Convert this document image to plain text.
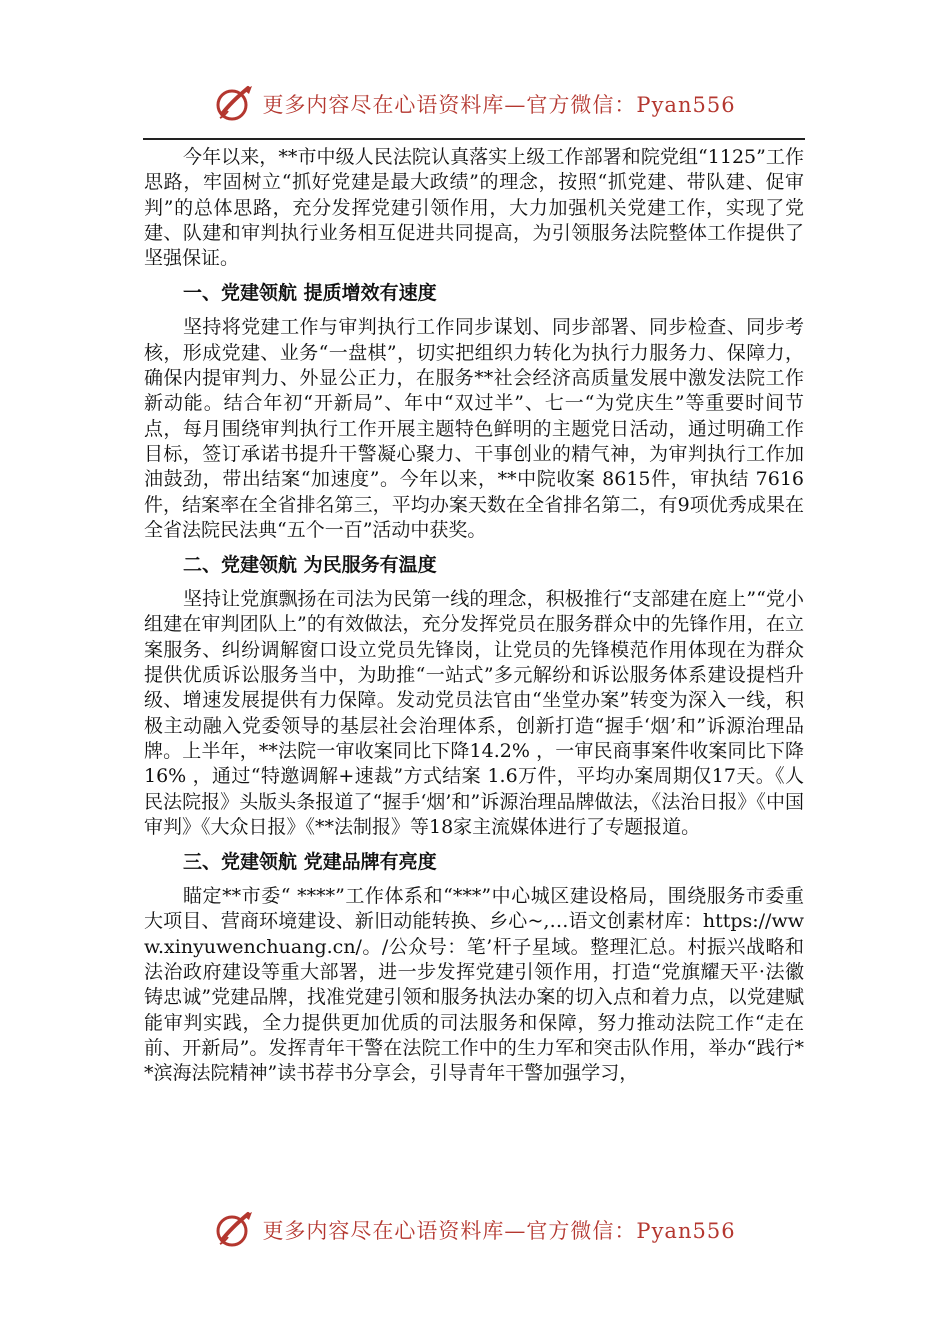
更多内容尽在心语资料库—官方微信：Pyan556

今年以来，**市中级人民法院认真落实上级工作部署和院党组“1125”工作思路，牢固树立“抓好党建是最大政绩”的理念，按照“抓党建、带队建、促审判”的总体思路，充分发挥党建引领作用，大力加强机关党建工作，实现了党建、队建和审判执行业务相互促进共同提高，为引领服务法院整体工作提供了坚强保证。

一、党建领航 提质增效有速度

坚持将党建工作与审判执行工作同步谋划、同步部署、同步检查、同步考核，形成党建、业务“一盘棋”，切实把组织力转化为执行力服务力、保障力，确保内提审判力、外显公正力，在服务**社会经济高质量发展中激发法院工作新动能。结合年初“开新局”、年中“双过半”、七一“为党庆生”等重要时间节点，每月围绕审判执行工作开展主题特色鲜明的主题党日活动，通过明确工作目标，签订承诺书提升干警凝心聚力、干事创业的精气神，为审判执行工作加油鼓劲，带出结案“加速度”。今年以来，**中院收案 8615件，审执结 7616件，结案率在全省排名第三，平均办案天数在全省排名第二，有9项优秀成果在全省法院民法典“五个一百”活动中获奖。

二、党建领航 为民服务有温度

坚持让党旗飘扬在司法为民第一线的理念，积极推行“支部建在庭上”“党小组建在审判团队上”的有效做法，充分发挥党员在服务群众中的先锋作用，在立案服务、纠纷调解窗口设立党员先锋岗，让党员的先锋模范作用体现在为群众提供优质诉讼服务当中，为助推“一站式”多元解纷和诉讼服务体系建设提档升级、增速发展提供有力保障。发动党员法官由“坐堂办案”转变为深入一线，积极主动融入党委领导的基层社会治理体系，创新打造“握手‘烟’和”诉源治理品牌。上半年，**法院一审收案同比下降14.2% ，一审民商事案件收案同比下降16% ，通过“特邀调解+速裁”方式结案 1.6万件，平均办案周期仅17天。《人民法院报》头版头条报道了“握手‘烟’和”诉源治理品牌做法，《法治日报》《中国审判》《大众日报》《**法制报》等18家主流媒体进行了专题报道。

三、党建领航 党建品牌有亮度

瞄定**市委“ ****”工作体系和“***”中心城区建设格局，围绕服务市委重大项目、营商环境建设、新旧动能转换、乡心~,…语文创素材库：https://www.xinyuwenchuang.cn/。/公众号：笔’杆子星域。整理汇总。村振兴战略和法治政府建设等重大部署，进一步发挥党建引领作用，打造“党旗耀天平·法徽铸忠诚”党建品牌，找准党建引领和服务执法办案的切入点和着力点，以党建赋能审判实践，全力提供更加优质的司法服务和保障，努力推动法院工作“走在前、开新局”。发挥青年干警在法院工作中的生力军和突击队作用，举办“践行**滨海法院精神”读书荐书分享会，引导青年干警加强学习，

更多内容尽在心语资料库—官方微信：Pyan556
